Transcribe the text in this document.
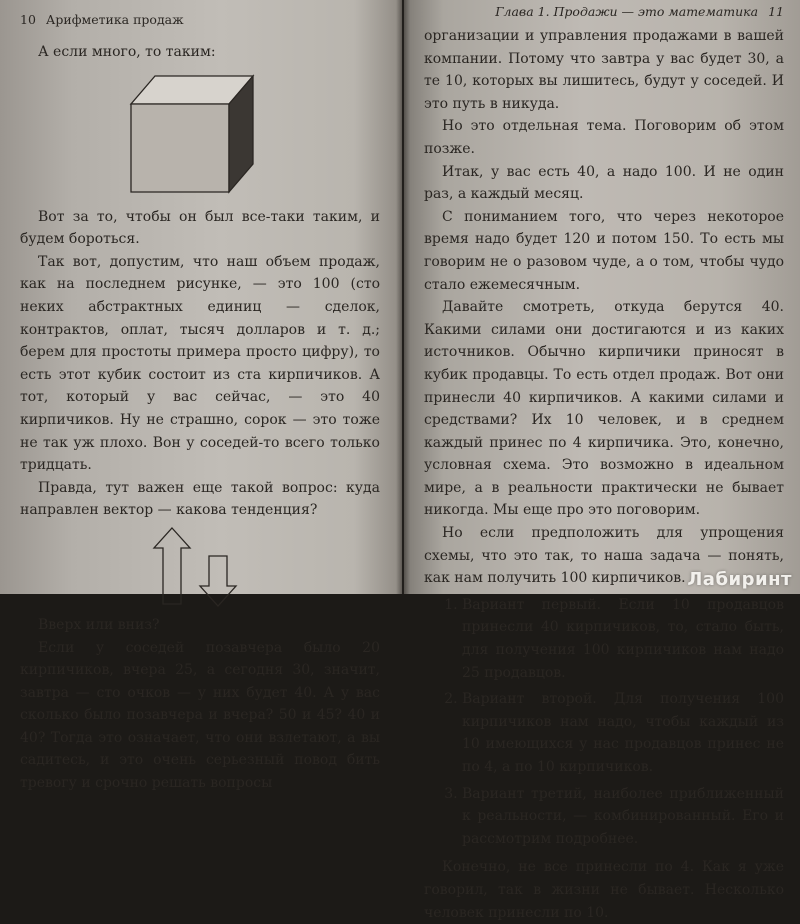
10 Арифметика продаж

А если много, то таким:

Вот за то, чтобы он был все-таки таким, и будем бороться.

Так вот, допустим, что наш объем продаж, как на последнем рисунке, — это 100 (сто неких абстрактных единиц — сделок, контрактов, оплат, тысяч долларов и т. д.; берем для простоты примера просто цифру), то есть этот кубик состоит из ста кирпичиков. А тот, который у вас сейчас, — это 40 кирпичиков. Ну не страшно, сорок — это тоже не так уж плохо. Вон у соседей-то всего только тридцать.

Правда, тут важен еще такой вопрос: куда направлен вектор — какова тенденция?

Вверх или вниз?

Если у соседей позавчера было 20 кирпичиков, вчера 25, а сегодня 30, значит, завтра — сто очков — у них будет 40. А у вас сколько было позавчера и вчера? 50 и 45? 40 и 40? Тогда это означает, что они взлетают, а вы садитесь, и это очень серьезный повод бить тревогу и срочно решать вопросы

Глава 1. Продажи — это математика 11

организации и управления продажами в вашей компании. Потому что завтра у вас будет 30, а те 10, которых вы лишитесь, будут у соседей. И это путь в никуда.

Но это отдельная тема. Поговорим об этом позже.

Итак, у вас есть 40, а надо 100. И не один раз, а каждый месяц.

С пониманием того, что через некоторое время надо будет 120 и потом 150. То есть мы говорим не о разовом чуде, а о том, чтобы чудо стало ежемесячным.

Давайте смотреть, откуда берутся 40. Какими силами они достигаются и из каких источников. Обычно кирпичики приносят в кубик продавцы. То есть отдел продаж. Вот они принесли 40 кирпичиков. А какими силами и средствами? Их 10 человек, и в среднем каждый принес по 4 кирпичика. Это, конечно, условная схема. Это возможно в идеальном мире, а в реальности практически не бывает никогда. Мы еще про это поговорим.

Но если предположить для упрощения схемы, что это так, то наша задача — понять, как нам получить 100 кирпичиков.

1. Вариант первый. Если 10 продавцов принесли 40 кирпичиков, то, стало быть, для получения 100 кирпичиков нам надо 25 продавцов.
2. Вариант второй. Для получения 100 кирпичиков нам надо, чтобы каждый из 10 имеющихся у нас продавцов принес не по 4, а по 10 кирпичиков.
3. Вариант третий, наиболее приближенный к реальности, — комбинированный. Его и рассмотрим подробнее.

Конечно, не все принесли по 4. Как я уже говорил, так в жизни не бывает. Несколько человек принесли по 10.

Лабиринт
